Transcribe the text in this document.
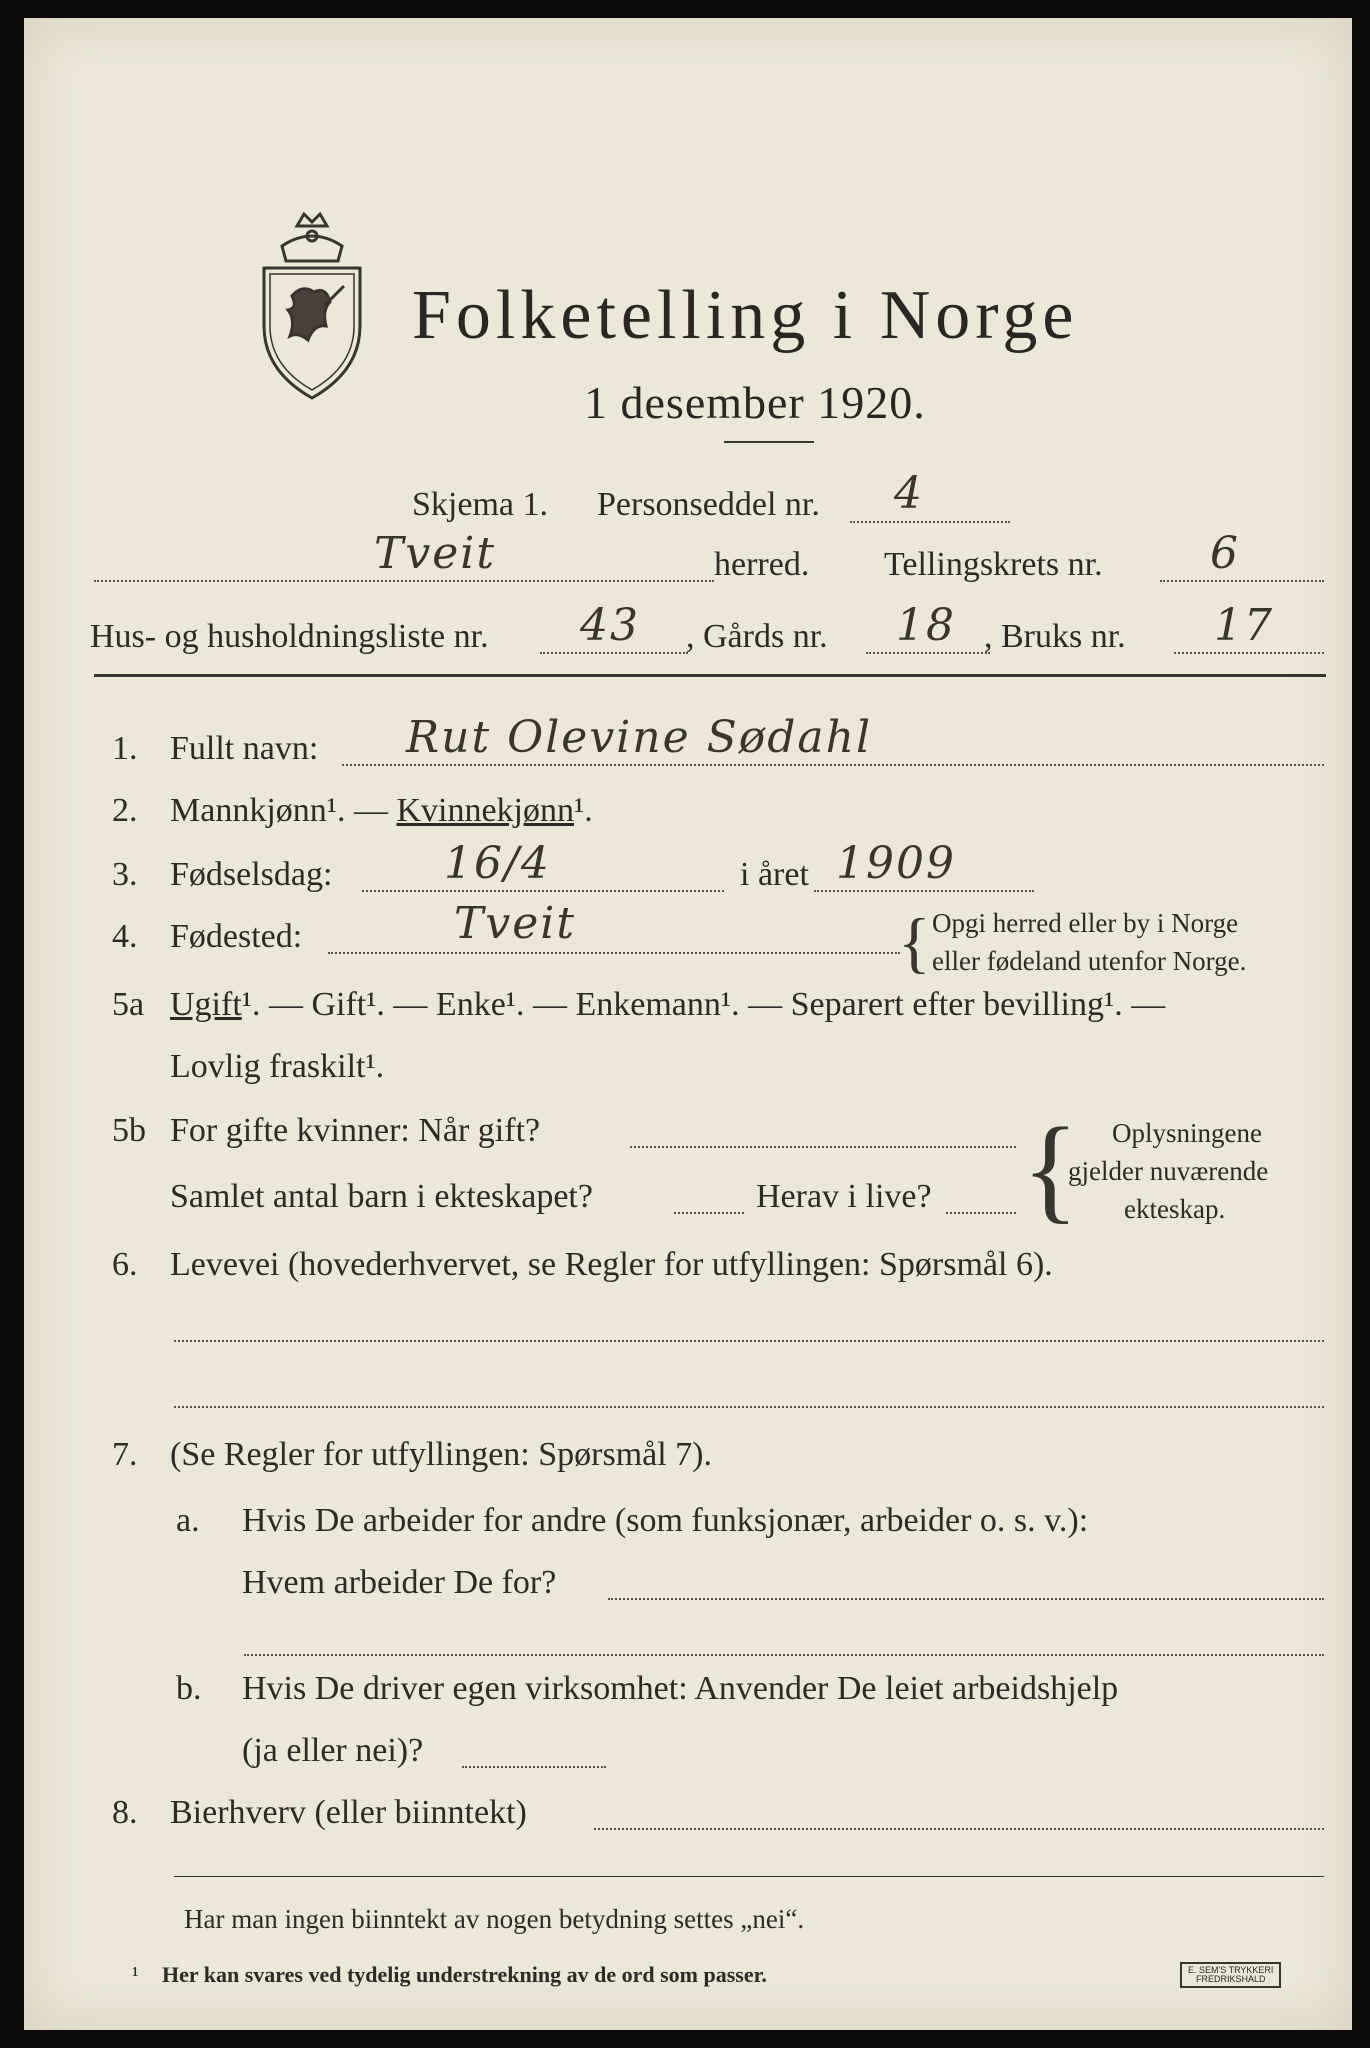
Folketelling i Norge
1 desember 1920.
Skjema 1. Personseddel nr. 4
Tveit	herred. Tellingskrets nr. 6
Hus- og husholdningsliste nr. 43 , Gårds nr. 18 , Bruks nr. 17
1. Fullt navn: Rut Olevine Sødahl
2. Mannkjønn¹. — Kvinnekjønn¹.
3. Fødselsdag:	16/4	i året 1909
4. Fødested:	Tveit	{ Opgi herred eller by i Norge
eller fødeland utenfor Norge.
5a Ugift¹. — Gift¹. — Enke¹. — Enkemann¹. — Separert efter bevilling¹. —
Lovlig fraskilt¹.
5b For gifte kvinner: Når gift?
Samlet antal barn i ekteskapet?	Herav i live? { Oplysningene
gjelder nuværende
ekteskap.
6. Levevei (hovederhvervet, se Regler for utfyllingen: Spørsmål 6).
7. (Se Regler for utfyllingen: Spørsmål 7).
a. Hvis De arbeider for andre (som funksjonær, arbeider o. s. v.):
Hvem arbeider De for?
b. Hvis De driver egen virksomhet: Anvender De leiet arbeidshjelp
(ja eller nei)?
8. Bierhverv (eller biinntekt)
Har man ingen biinntekt av nogen betydning settes „nei“.
¹ Her kan svares ved tydelig understrekning av de ord som passer.	E. SEM'S TRYKKERI
FREDRIKSHALD
